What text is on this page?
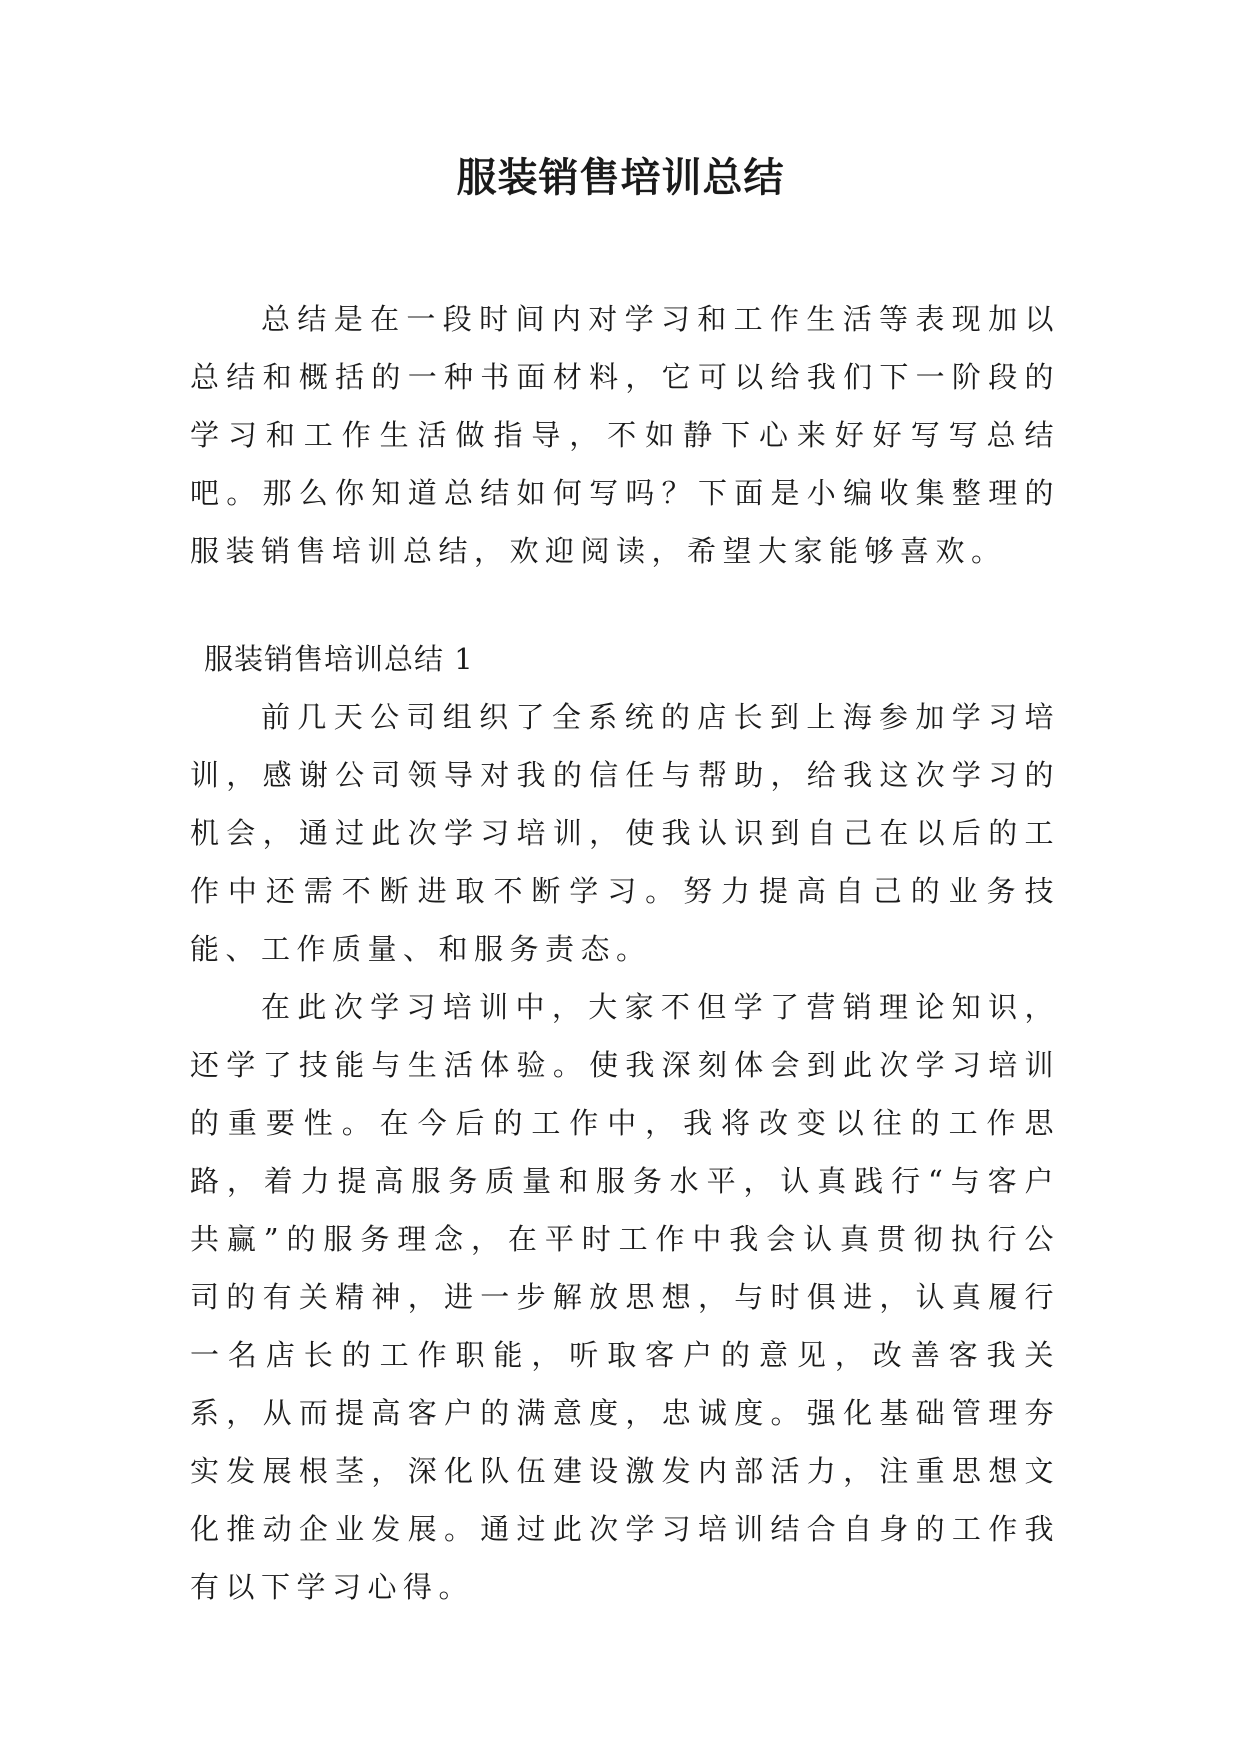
服装销售培训总结

总结是在一段时间内对学习和工作生活等表现加以总结和概括的一种书面材料，它可以给我们下一阶段的学习和工作生活做指导，不如静下心来好好写写总结吧。那么你知道总结如何写吗？下面是小编收集整理的 服装销售培训总结，欢迎阅读，希望大家能够喜欢。

服装销售培训总结 1

前几天公司组织了全系统的店长到上海参加学习培训，感谢公司领导对我的信任与帮助，给我这次学习的机会，通过此次学习培训，使我认识到自己在以后的工作中还需不断进取不断学习。努力提高自己的业务技能、工作质量、和服务责态。

在此次学习培训中，大家不但学了营销理论知识，还学了技能与生活体验。使我深刻体会到此次学习培训的重要性。在今后的工作中，我将改变以往的工作思路，着力提高服务质量和服务水平，认真践行“与客户共赢”的服务理念，在平时工作中我会认真贯彻执行公司的有关精神，进一步解放思想，与时俱进，认真履行一名店长的工作职能，听取客户的意见，改善客我关系，从而提高客户的满意度，忠诚度。强化基础管理夯实发展根茎，深化队伍建设激发内部活力，注重思想文化推动企业发展。通过此次学习培训结合自身的工作我有以下学习心得。
